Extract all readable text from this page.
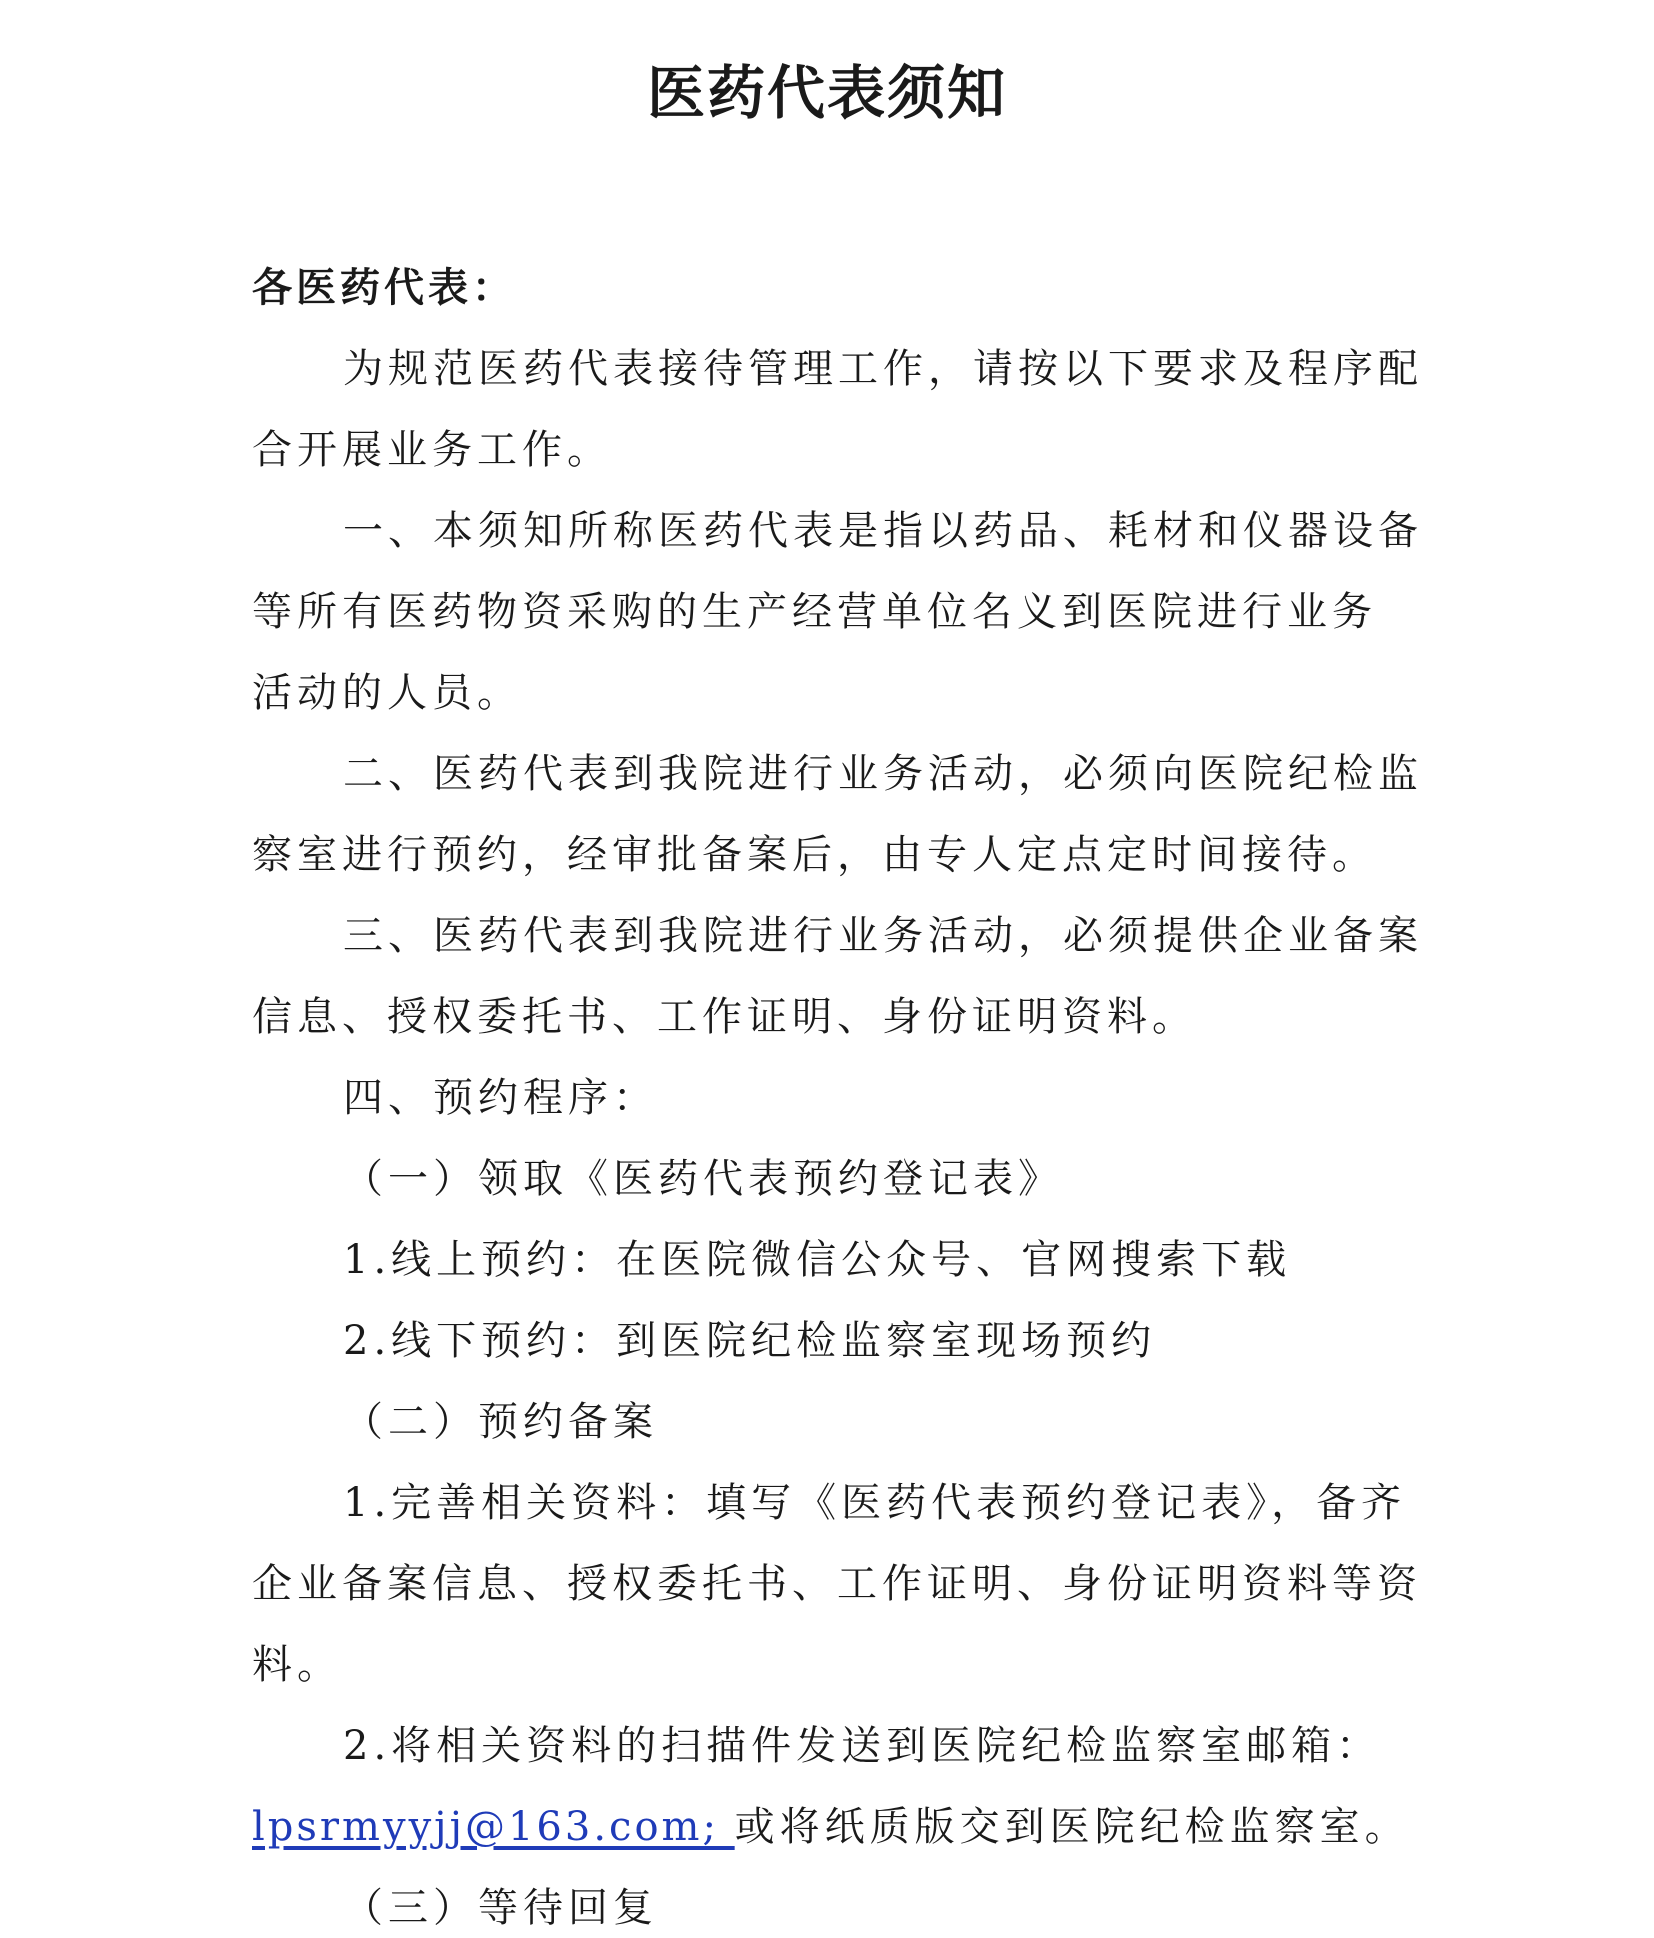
医药代表须知
各医药代表：
为规范医药代表接待管理工作，请按以下要求及程序配
合开展业务工作。
一、本须知所称医药代表是指以药品、耗材和仪器设备
等所有医药物资采购的生产经营单位名义到医院进行业务
活动的人员。
二、医药代表到我院进行业务活动，必须向医院纪检监
察室进行预约，经审批备案后，由专人定点定时间接待。
三、医药代表到我院进行业务活动，必须提供企业备案
信息、授权委托书、工作证明、身份证明资料。
四、预约程序：
（一）领取《医药代表预约登记表》
1.线上预约：在医院微信公众号、官网搜索下载
2.线下预约：到医院纪检监察室现场预约
（二）预约备案
1.完善相关资料：填写《医药代表预约登记表》，备齐
企业备案信息、授权委托书、工作证明、身份证明资料等资
料。
2.将相关资料的扫描件发送到医院纪检监察室邮箱：
lpsrmyyjj@163.com; 或将纸质版交到医院纪检监察室。
（三）等待回复
